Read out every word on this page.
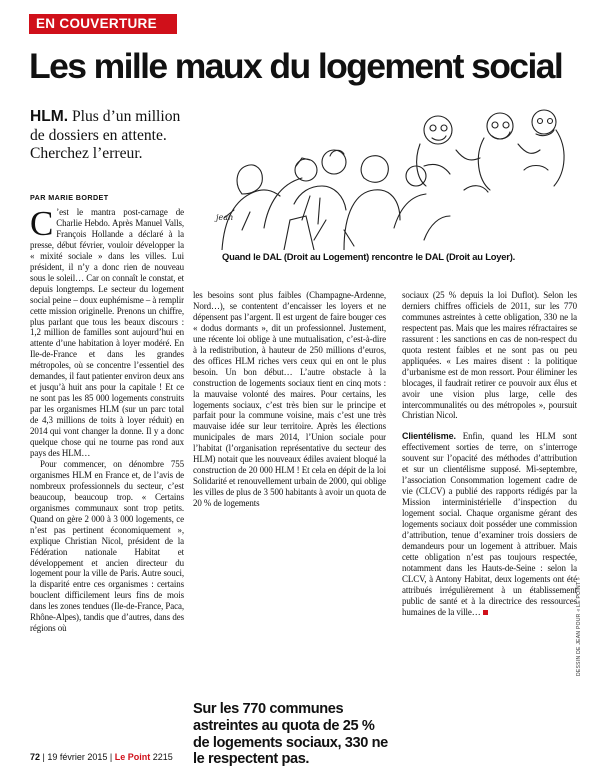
EN COUVERTURE
Les mille maux du logement social
HLM. Plus d’un million de dossiers en attente. Cherchez l’erreur.
PAR MARIE BORDET
jean
Quand le DAL (Droit au Logement) rencontre le DAL (Droit au Loyer).

C ’est le mantra post-carnage de Charlie Hebdo. Après Manuel Valls, François Hollande a déclaré à la presse, début février, vouloir développer la « mixité sociale » dans les villes. Lui président, il n’y a donc rien de nouveau sous le soleil… Car on connaît le constat, et depuis longtemps. Le secteur du logement social peine – doux euphémisme – à remplir cette mission originelle. Prenons un chiffre, plus parlant que tous les beaux discours : 1,2 million de familles sont aujourd’hui en attente d’une habitation à loyer modéré. En Ile-de-France et dans les grandes métropoles, où se concentre l’essentiel des demandes, il faut patienter environ deux ans et jusqu’à huit ans pour la capitale ! Et ce ne sont pas les 85 000 logements construits par les organismes HLM (sur un parc total de 4,3 millions de toits à loyer réduit) en 2014 qui vont changer la donne. Il y a donc quelque chose qui ne tourne pas rond aux pays des HLM…

Pour commencer, on dénombre 755 organismes HLM en France et, de l’avis de nombreux professionnels du secteur, c’est beaucoup, beaucoup trop. « Certains organismes communaux sont trop petits. Quand on gère 2 000 à 3 000 logements, ce n’est pas pertinent économiquement », explique Christian Nicol, président de la Fédération nationale Habitat et développement et ancien directeur du logement pour la ville de Paris. Autre souci, la disparité entre ces organismes : certains bouclent difficilement leurs fins de mois dans les zones tendues (Ile-de-France, Paca, Rhône-Alpes), tandis que d’autres, dans des régions où

les besoins sont plus faibles (Champagne-Ardenne, Nord…), se contentent d’encaisser les loyers et ne dépensent pas l’argent. Il est urgent de faire bouger ces « dodus dormants », dit un professionnel. Justement, une récente loi oblige à une mutualisation, c’est-à-dire à la redistribution, à hauteur de 250 millions d’euros, des offices HLM riches vers ceux qui en ont le plus besoin. Un bon début… L’autre obstacle à la construction de logements sociaux tient en cinq mots : la mauvaise volonté des maires. Pour certains, les logements sociaux, c’est très bien sur le principe et parfait pour la commune voisine, mais c’est une très mauvaise idée sur leur territoire. Après les élections municipales de mars 2014, l’Union sociale pour l’habitat (l’organisation représentative du secteur des HLM) notait que les nouveaux édiles avaient bloqué la construction de 20 000 HLM ! Et cela en dépit de la loi Solidarité et renouvellement urbain de 2000, qui oblige les villes de plus de 3 500 habitants à avoir un quota de 20 % de logements

sociaux (25 % depuis la loi Duflot). Selon les derniers chiffres officiels de 2011, sur les 770 communes astreintes à cette obligation, 330 ne la respectent pas. Mais que les maires réfractaires se rassurent : les sanctions en cas de non-respect du quota restent faibles et ne sont pas ou peu appliquées. « Les maires disent : la politique d’urbanisme est de mon ressort. Pour éliminer les blocages, il faudrait retirer ce pouvoir aux élus et avoir une vision plus large, celle des intercommunalités ou des métropoles », poursuit Christian Nicol.

Clientélisme. Enfin, quand les HLM sont effectivement sorties de terre, on s’interroge souvent sur l’opacité des méthodes d’attribution et sur un clientélisme supposé. Mi-septembre, l’association Consommation logement cadre de vie (CLCV) a publié des rapports rédigés par la Mission interministérielle d’inspection du logement social. Chaque organisme gérant des logements sociaux doit posséder une commission d’attribution, tenue d’examiner trois dossiers de demandeurs pour un logement à attribuer. Mais cette obligation n’est pas toujours respectée, notamment dans les Hauts-de-Seine : selon la CLCV, à Antony Habitat, deux logements ont été attribués irrégulièrement à un établissement public de santé et à la directrice des ressources humaines de la ville…

Sur les 770 communes astreintes au quota de 25 % de logements sociaux, 330 ne le respectent pas.
72 | 19 février 2015 | Le Point 2215
DESSIN DE JEAN POUR « LE POINT »
